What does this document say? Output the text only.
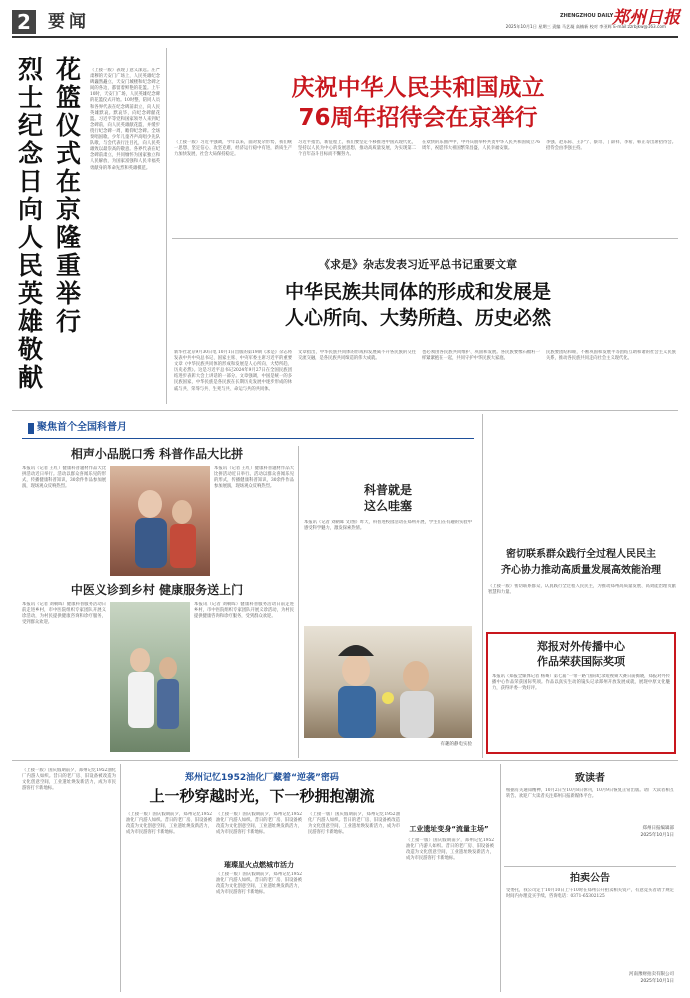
2 要闻	ZHENGZHOU DAILY
郑州日报
2025年10月1日 星期三 责编 马艺凝 高楠新 校对 李亚辉 E-mail:zzrbjkw@163.com
花篮仪式在京隆重举行
烈士纪念日向人民英雄敬献
（上接一版）表现了意义深远。庄严肃穆的天安门广场上，人民英雄纪念碑巍然矗立，天安门城楼和纪念碑之间的各边，都留着鲜艳的花篮。上午10时，天安门广场，人民英雄纪念碑的花篮仪式开始。10时整，陪同人员和各界代表在纪念碑前肃立，向人民英雄默哀。默哀毕，向纪念碑献花篮。习近平等党和国家领导人来到纪念碑前，向人民英雄献花篮，并缓步绕行纪念碑一周，瞻仰纪念碑。全场奏唱国歌。少年儿童齐声高唱少先队队歌，与会代表行注目礼，向人民英雄致以最崇高的敬意。各界代表在纪念碑前肃立，共同缅怀为国家独立和人民解放、为国家富强和人民幸福英勇献身的革命先烈和英雄模范。
庆祝中华人民共和国成立
76周年招待会在京举行
（上接一版）习近平强调，今年以来，面对复杂形势，我们统一思想、坚定信心、攻坚克难，经济运行稳中有进，新质生产力加快发展，社会大局保持稳定。
习近平指出，新征程上，我们要坚定不移推进中国式现代化，坚持以人民为中心的发展思想，推动高质量发展，为实现第二个百年奋斗目标而不懈努力。
在欢快的乐曲声中，中外宾朋举杯共贺中华人民共和国成立76周年，祝愿伟大祖国繁荣昌盛，人民幸福安康。
李强、赵乐际、王沪宁、蔡奇、丁薛祥、李希、韩正等出席招待会。招待会由李强主持。
《求是》杂志发表习近平总书记重要文章
中华民族共同体的形成和发展是
人心所向、大势所趋、历史必然
新华社北京9月30日电 10月1日出版的第19期《求是》杂志将发表中共中央总书记、国家主席、中央军委主席习近平的重要文章《中华民族共同体的形成和发展是人心所向、大势所趋、历史必然》。这是习近平总书记2024年9月27日在全国民族团结进步表彰大会上讲话的一部分。文章强调，中国是统一的多民族国家，中华民族是各民族在长期历史发展中逐步形成的休戚与共、荣辱与共、生死与共、命运与共的共同体。
文章指出，中华民族共同体的形成和发展离不开各民族的交往交流交融，是各民族共同缔造的伟大成就。
也必须由各民族共同维护、巩固和发展。各民族要像石榴籽一样紧紧抱在一起，共同守护中华民族大家庭。
民族要团结和睦，不断巩固和发展平等团结互助和谐的社会主义民族关系，推动各民族共同走向社会主义现代化。
聚焦首个全国科普月
相声小品脱口秀 科普作品大比拼
本报讯（记者 王红）健康科普题材作品大比拼活动近日举行。活动以群众喜闻乐见的形式，传播健康科普知识，30余件作品参加展演，现场观众反响热烈。
本报讯（记者 王红）健康科普题材作品大比拼活动近日举行。活动以群众喜闻乐见的形式，传播健康科普知识，30余件作品参加展演，现场观众反响热烈。
中医义诊到乡村 健康服务送上门
本报讯（记者 刘朝晖）健康科普服务活动日前走进乡村，市中医院组织专家团队开展义诊活动，为村民提供健康咨询和诊疗服务，受到群众欢迎。
本报讯（记者 刘朝晖）健康科普服务活动日前走进乡村，市中医院组织专家团队开展义诊活动，为村民提供健康咨询和诊疗服务，受到群众欢迎。
科普就是
这么哇塞
本报讯（记者 刘朝晖 文/图）昨天，科普进校园活动在郑州开展，学生们在有趣的实验中感受科学魅力，激发探索热情。
有趣的静电实验
密切联系群众践行全过程人民民主
齐心协力推动高质量发展高效能治理
（上接一版）密切联系群众，认真践行全过程人民民主，为推动郑州高质量发展、高效能治理贡献智慧和力量。
郑报对外传播中心
作品荣获国际奖项
本报讯（郑报全媒体记者 杨骞）第七届“一带一路”国际纪录短视频大赛日前揭晓，郑报对外传播中心作品荣获国际奖项。作品以真实生动的镜头记录郑州开放发展成就，展现中原文化魅力，获得评委一致好评。
（上接一版）国庆假期前夕，郑州记忆1952油化厂内游人如织。昔日的老厂房、旧设备被改造为文化创意空间，工业遗址焕发新活力，成为市民游客打卡新地标。
郑州记忆1952油化厂藏着“逆袭”密码
上一秒穿越时光，下一秒拥抱潮流
（上接一版）国庆假期前夕，郑州记忆1952油化厂内游人如织。昔日的老厂房、旧设备被改造为文化创意空间，工业遗址焕发新活力，成为市民游客打卡新地标。
（上接一版）国庆假期前夕，郑州记忆1952油化厂内游人如织。昔日的老厂房、旧设备被改造为文化创意空间，工业遗址焕发新活力，成为市民游客打卡新地标。
璀璨星火点燃城市活力
（上接一版）国庆假期前夕，郑州记忆1952油化厂内游人如织。昔日的老厂房、旧设备被改造为文化创意空间，工业遗址焕发新活力，成为市民游客打卡新地标。
（上接一版）国庆假期前夕，郑州记忆1952油化厂内游人如织。昔日的老厂房、旧设备被改造为文化创意空间，工业遗址焕发新活力，成为市民游客打卡新地标。	工业遗址变身“流量主场”
（上接一版）国庆假期前夕，郑州记忆1952油化厂内游人如织。昔日的老厂房、旧设备被改造为文化创意空间，工业遗址焕发新活力，成为市民游客打卡新地标。
致读者
根据有关通知精神，10月2日至10月8日休刊，10月9日恢复正常出版。请广大读者相互转告。欢迎广大读者关注郑州日报新媒体平台。
郑州日报编辑部
2025年10月1日
拍卖公告
受委托，我公司定于10月10日上午10时在郑州公开拍卖相关资产，有意竞买者请于规定时间内办理竞买手续。咨询电话：0371-65302125
河南豫财拍卖有限公司
2025年10月1日
